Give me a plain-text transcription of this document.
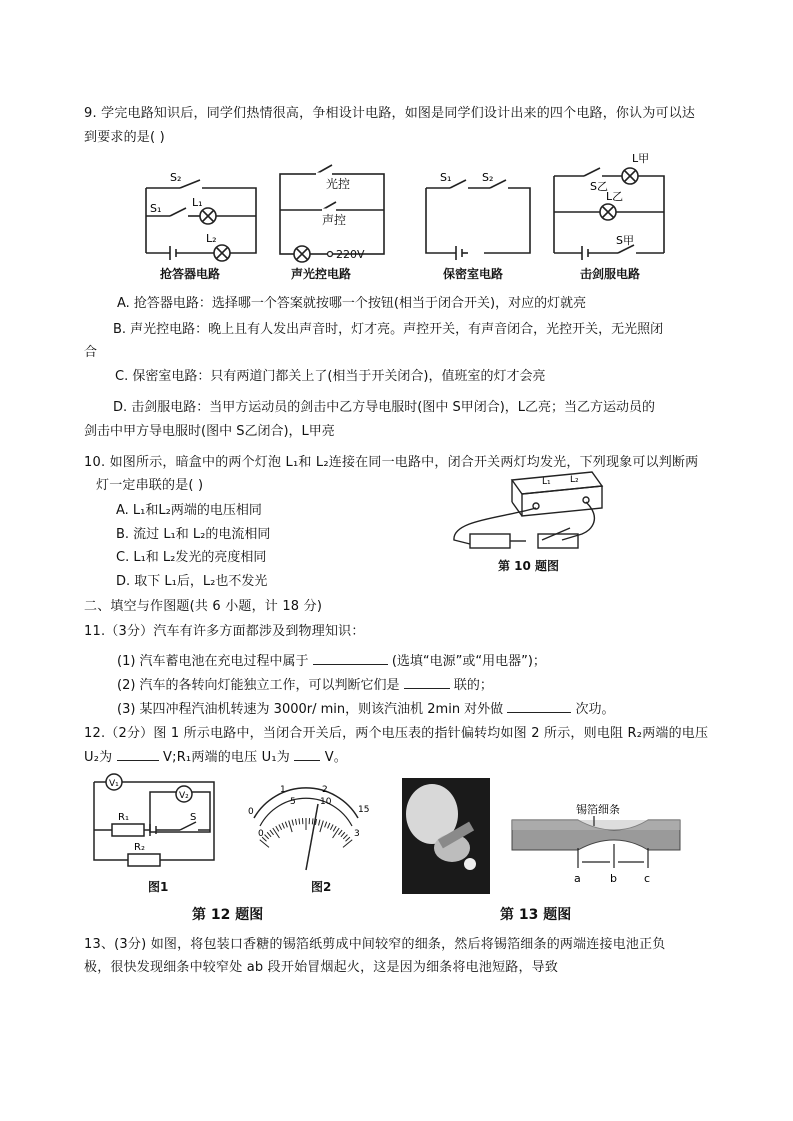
9. 学完电路知识后，同学们热情很高，争相设计电路，如图是同学们设计出来的四个电路，你认为可以达
到要求的是( )
S₂
S₁	L₁
L₂
抢答器电路
光控
声控
220V
声光控电路
S₁	S₂
保密室电路
L甲
S乙
L乙
S甲
击剑服电路
A. 抢答器电路：选择哪一个答案就按哪一个按钮(相当于闭合开关)，对应的灯就亮
B. 声光控电路：晚上且有人发出声音时，灯才亮。声控开关，有声音闭合，光控开关，无光照闭
合
C. 保密室电路：只有两道门都关上了(相当于开关闭合)，值班室的灯才会亮
D. 击剑服电路：当甲方运动员的剑击中乙方导电服时(图中 S甲闭合)，L乙亮；当乙方运动员的
剑击中甲方导电服时(图中 S乙闭合)，L甲亮
10. 如图所示，暗盒中的两个灯泡 L₁和 L₂连接在同一电路中，闭合开关两灯均发光，下列现象可以判断两
灯一定串联的是( )
A. L₁和L₂两端的电压相同
B. 流过 L₁和 L₂的电流相同
C. L₁和 L₂发光的亮度相同
D. 取下 L₁后，L₂也不发光
L₁ L₂
第 10 题图
二、填空与作图题(共 6 小题，计 18 分)
11.（3分）汽车有许多方面都涉及到物理知识：
(1) 汽车蓄电池在充电过程中属于	(选填“电源”或“用电器”)；
(2) 汽车的各转向灯能独立工作，可以判断它们是	联的；
(3) 某四冲程汽油机转速为 3000r/ min，则该汽油机 2min 对外做	次功。
12.（2分）图 1 所示电路中，当闭合开关后，两个电压表的指针偏转均如图 2 所示，则电阻 R₂两端的电压
U₂为	V;R₁两端的电压 U₁为	V。
V₁
V₂
R₁	S
R₂
图1
0
1	2
3
0
5	10
15
图2
第 12 题图
锡箔细条
a	b c
第 13 题图
13、(3分) 如图，将包装口香糖的锡箔纸剪成中间较窄的细条，然后将锡箔细条的两端连接电池正负
极，很快发现细条中较窄处 ab 段开始冒烟起火，这是因为细条将电池短路，导致
